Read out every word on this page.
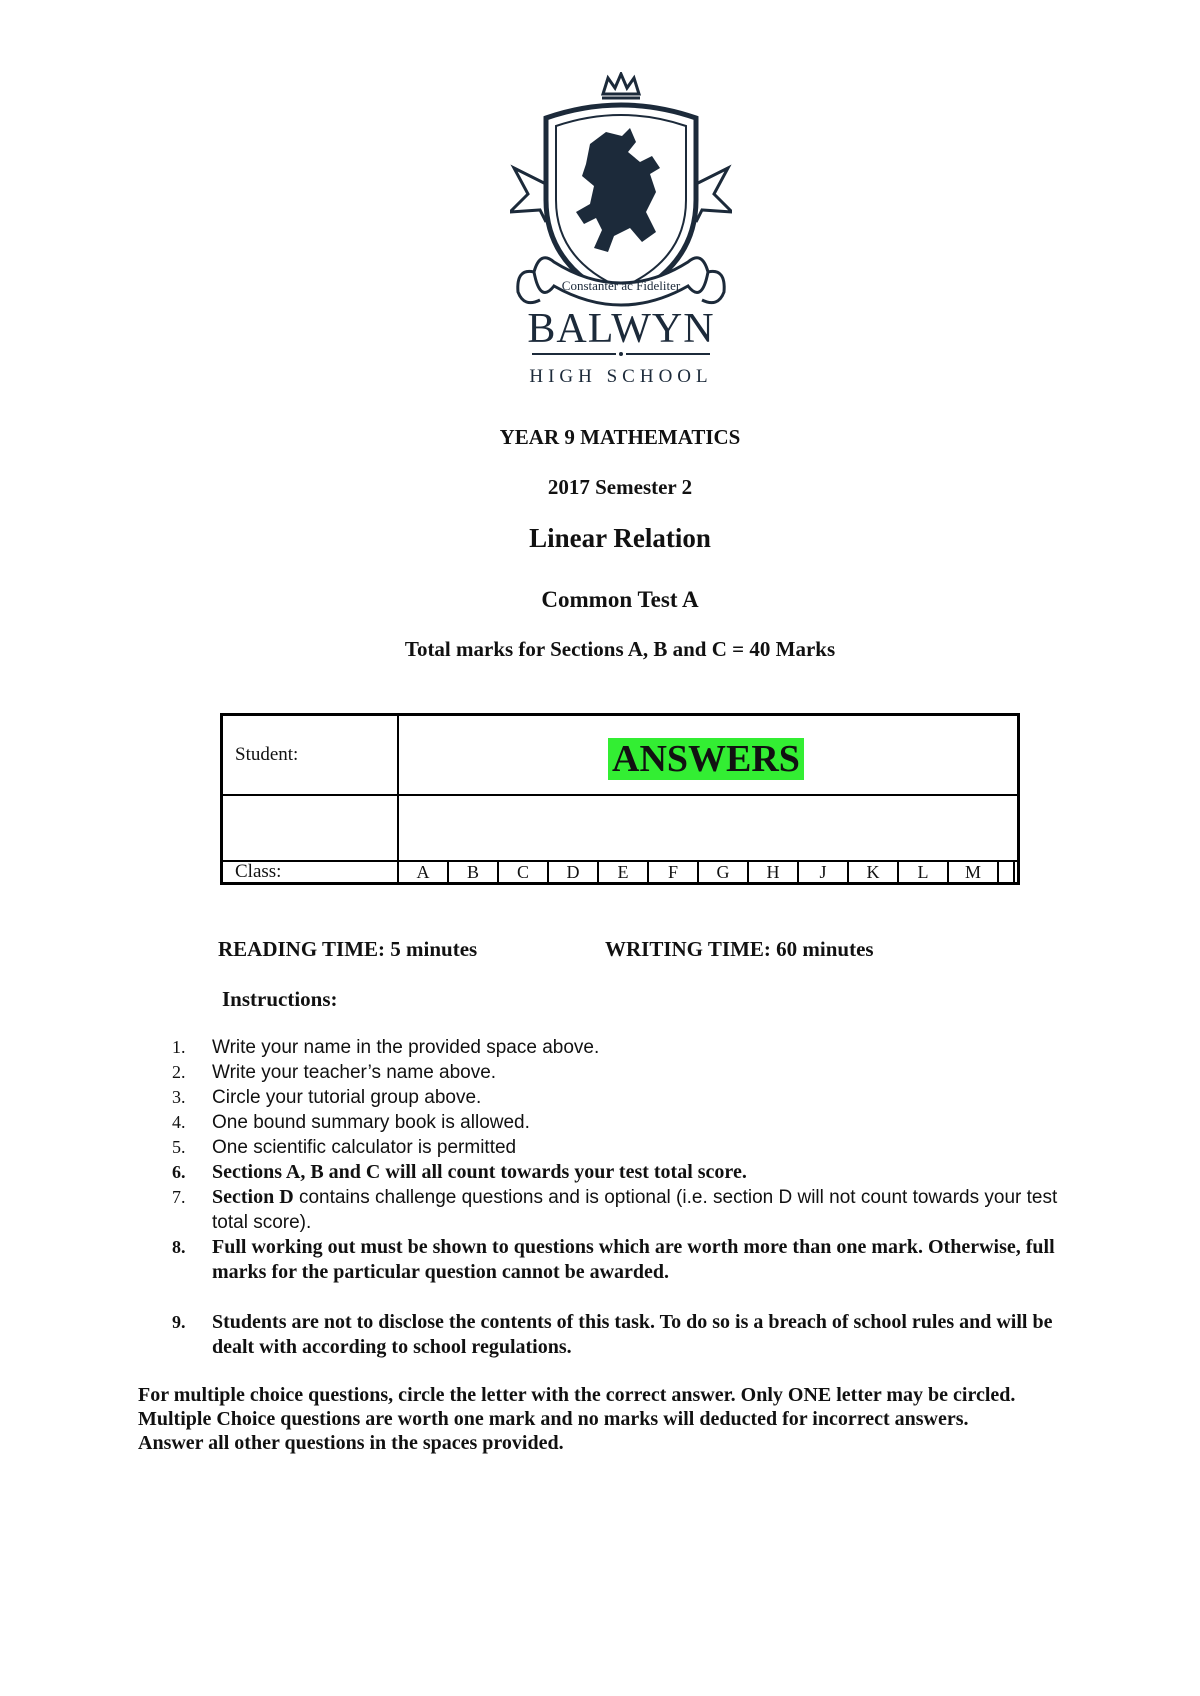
Constanter ac Fideliter
BALWYN
HIGH SCHOOL
YEAR 9 MATHEMATICS
2017 Semester 2
Linear Relation
Common Test A
Total marks for Sections A, B and C = 40 Marks
Student:	ANSWERS
Class:	A	B	C	D	E	F	G	H	J	K	L	M
READING TIME: 5 minutes	WRITING TIME: 60 minutes
Instructions:
1.	Write your name in the provided space above.
2.	Write your teacher’s name above.
3.	Circle your tutorial group above.
4.	One bound summary book is allowed.
5.	One scientific calculator is permitted
6.	Sections A, B and C will all count towards your test total score.
7.	Section D contains challenge questions and is optional (i.e. section D will not count towards your test total score).
8.	Full working out must be shown to questions which are worth more than one mark. Otherwise, full marks for the particular question cannot be awarded.
9.	Students are not to disclose the contents of this task. To do so is a breach of school rules and will be dealt with according to school regulations.

For multiple choice questions, circle the letter with the correct answer. Only ONE letter may be circled.

Multiple Choice questions are worth one mark and no marks will deducted for incorrect answers.

Answer all other questions in the spaces provided.
